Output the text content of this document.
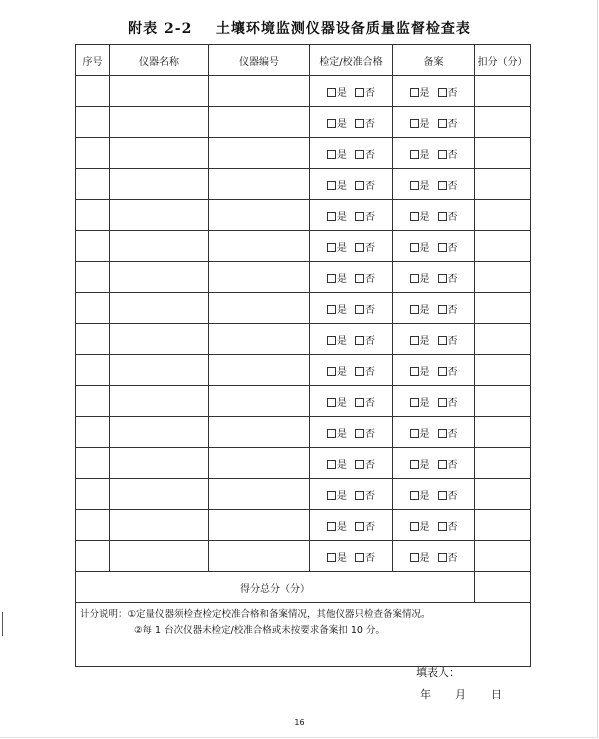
附表 2-2    土壤环境监测仪器设备质量监督检查表
序号	仪器名称	仪器编号	检定/校准合格	备案	扣分（分）
			是 否	是 否	
			是 否	是 否	
			是 否	是 否	
			是 否	是 否	
			是 否	是 否	
			是 否	是 否	
			是 否	是 否	
			是 否	是 否	
			是 否	是 否	
			是 否	是 否	
			是 否	是 否	
			是 否	是 否	
			是 否	是 否	
			是 否	是 否	
			是 否	是 否	
			是 否	是 否	
得分总分（分）					

计分说明：①定量仪器须检查检定校准合格和备案情况，其他仪器只检查备案情况。
②每 1 台次仪器未检定/校准合格或未按要求备案扣 10 分。					
填表人：
年 月 日
16
